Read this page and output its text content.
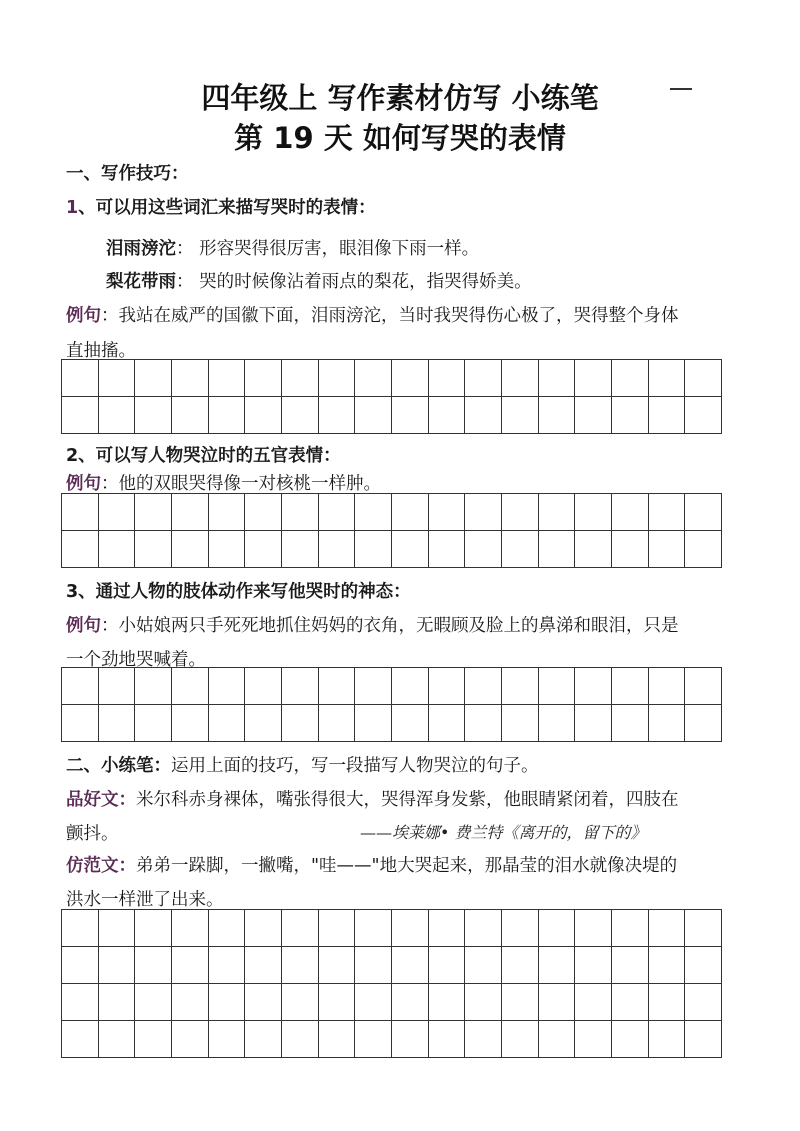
四年级上 写作素材仿写 小练笔
第 19 天 如何写哭的表情
一、写作技巧：
1、可以用这些词汇来描写哭时的表情：
泪雨滂沱： 形容哭得很厉害，眼泪像下雨一样。
梨花带雨： 哭的时候像沾着雨点的梨花，指哭得娇美。
例句：我站在威严的国徽下面，泪雨滂沱，当时我哭得伤心极了，哭得整个身体
直抽搐。
2、可以写人物哭泣时的五官表情：
例句：他的双眼哭得像一对核桃一样肿。
3、通过人物的肢体动作来写他哭时的神态：
例句：小姑娘两只手死死地抓住妈妈的衣角，无暇顾及脸上的鼻涕和眼泪，只是
一个劲地哭喊着。
二、小练笔：运用上面的技巧，写一段描写人物哭泣的句子。
品好文：米尔科赤身裸体，嘴张得很大，哭得浑身发紫，他眼睛紧闭着，四肢在
颤抖。	——埃莱娜• 费兰特《离开的，留下的》
仿范文：弟弟一跺脚，一撇嘴，"哇——"地大哭起来，那晶莹的泪水就像决堤的
洪水一样泄了出来。
